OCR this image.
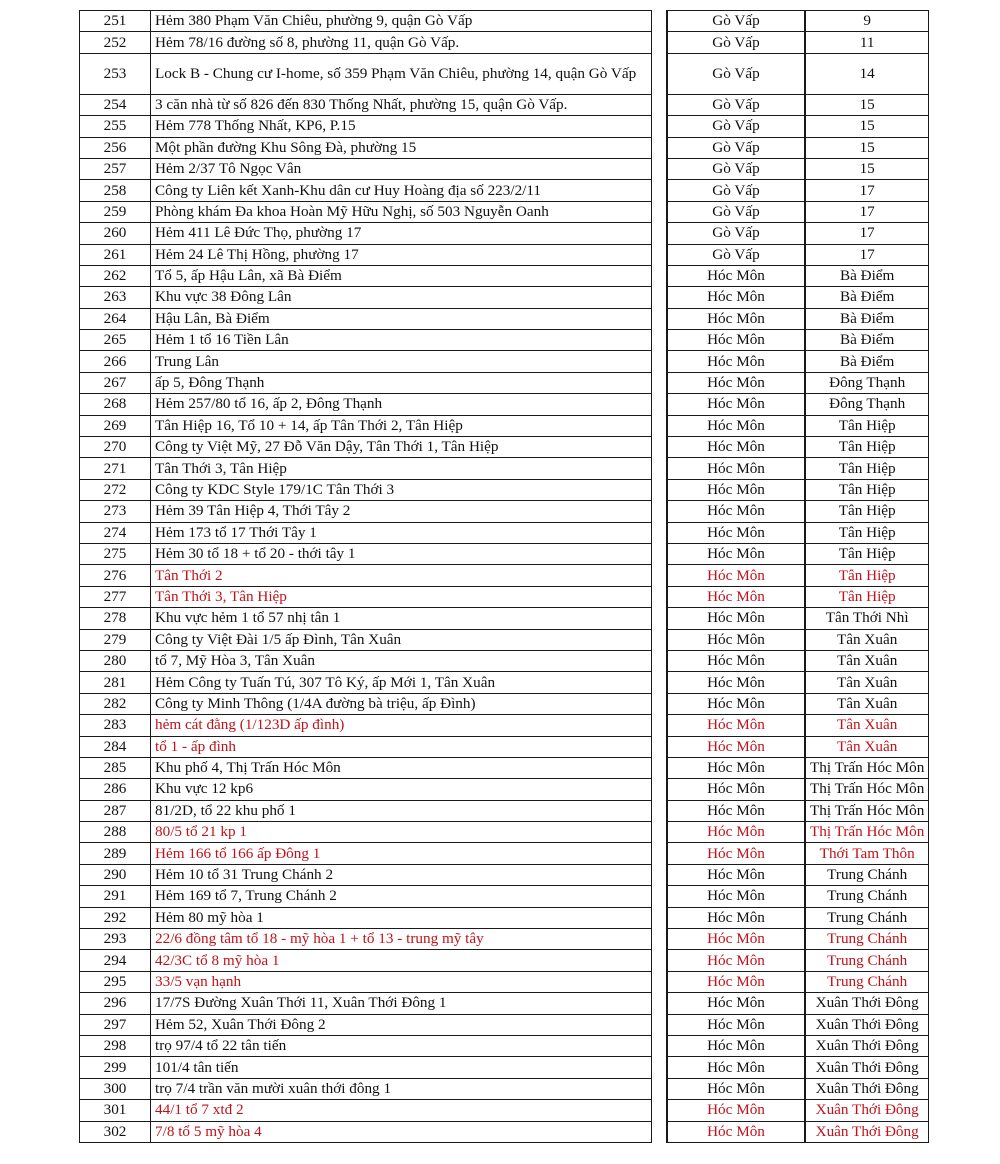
251	Hẻm 380 Phạm Văn Chiêu, phường 9, quận Gò Vấp		Gò Vấp	9
252	Hẻm 78/16 đường số 8, phường 11, quận Gò Vấp.		Gò Vấp	11
253	Lock B - Chung cư I-home, số 359 Phạm Văn Chiêu, phường 14, quận Gò Vấp		Gò Vấp	14
254	3 căn nhà từ số 826 đến 830 Thống Nhất, phường 15, quận Gò Vấp.		Gò Vấp	15
255	Hẻm 778 Thống Nhất, KP6, P.15		Gò Vấp	15
256	Một phần đường Khu Sông Đà, phường 15		Gò Vấp	15
257	Hẻm 2/37 Tô Ngọc Vân		Gò Vấp	15
258	Công ty Liên kết Xanh-Khu dân cư Huy Hoàng địa số 223/2/11		Gò Vấp	17
259	Phòng khám Đa khoa Hoàn Mỹ Hữu Nghị, số 503 Nguyễn Oanh		Gò Vấp	17
260	Hẻm 411 Lê Đức Thọ, phường 17		Gò Vấp	17
261	Hẻm 24 Lê Thị Hồng, phường 17		Gò Vấp	17
262	Tổ 5, ấp Hậu Lân, xã Bà Điểm		Hóc Môn	Bà Điểm
263	Khu vực 38 Đông Lân		Hóc Môn	Bà Điểm
264	Hậu Lân, Bà Điểm		Hóc Môn	Bà Điểm
265	Hẻm 1 tổ 16 Tiền Lân		Hóc Môn	Bà Điểm
266	Trung Lân		Hóc Môn	Bà Điểm
267	ấp 5, Đông Thạnh		Hóc Môn	Đông Thạnh
268	Hẻm 257/80 tổ 16, ấp 2, Đông Thạnh		Hóc Môn	Đông Thạnh
269	Tân Hiệp 16, Tổ 10 + 14, ấp Tân Thới 2, Tân Hiệp		Hóc Môn	Tân Hiệp
270	Công ty Việt Mỹ, 27 Đỗ Văn Dậy, Tân Thới 1, Tân Hiệp		Hóc Môn	Tân Hiệp
271	Tân Thới 3, Tân Hiệp		Hóc Môn	Tân Hiệp
272	Công ty KDC Style 179/1C Tân Thới 3		Hóc Môn	Tân Hiệp
273	Hẻm 39 Tân Hiệp 4, Thới Tây 2		Hóc Môn	Tân Hiệp
274	Hẻm 173 tổ 17 Thới Tây 1		Hóc Môn	Tân Hiệp
275	Hẻm 30 tổ 18 + tổ 20 - thới tây 1		Hóc Môn	Tân Hiệp
276	Tân Thới 2		Hóc Môn	Tân Hiệp
277	Tân Thới 3, Tân Hiệp		Hóc Môn	Tân Hiệp
278	Khu vực hẻm 1 tổ 57 nhị tân 1		Hóc Môn	Tân Thới Nhì
279	Công ty Việt Đài 1/5 ấp Đình, Tân Xuân		Hóc Môn	Tân Xuân
280	tổ 7, Mỹ Hòa 3, Tân Xuân		Hóc Môn	Tân Xuân
281	Hẻm Công ty Tuấn Tú, 307 Tô Ký, ấp Mới 1, Tân Xuân		Hóc Môn	Tân Xuân
282	Công ty Minh Thông (1/4A đường bà triệu, ấp Đình)		Hóc Môn	Tân Xuân
283	hẻm cát đằng (1/123D ấp đình)		Hóc Môn	Tân Xuân
284	tổ 1 - ấp đình		Hóc Môn	Tân Xuân
285	Khu phố 4, Thị Trấn Hóc Môn		Hóc Môn	Thị Trấn Hóc Môn
286	Khu vực 12 kp6		Hóc Môn	Thị Trấn Hóc Môn
287	81/2D, tổ 22 khu phố 1		Hóc Môn	Thị Trấn Hóc Môn
288	80/5 tổ 21 kp 1		Hóc Môn	Thị Trấn Hóc Môn
289	Hẻm 166 tổ 166 ấp Đông 1		Hóc Môn	Thới Tam Thôn
290	Hẻm 10 tổ 31 Trung Chánh 2		Hóc Môn	Trung Chánh
291	Hẻm 169 tổ 7, Trung Chánh 2		Hóc Môn	Trung Chánh
292	Hẻm 80 mỹ hòa 1		Hóc Môn	Trung Chánh
293	22/6 đồng tâm tổ 18 - mỹ hòa 1 + tổ 13 - trung mỹ tây		Hóc Môn	Trung Chánh
294	42/3C tổ 8 mỹ hòa 1		Hóc Môn	Trung Chánh
295	33/5 vạn hạnh		Hóc Môn	Trung Chánh
296	17/7S Đường Xuân Thới 11, Xuân Thới Đông 1		Hóc Môn	Xuân Thới Đông
297	Hẻm 52, Xuân Thới Đông 2		Hóc Môn	Xuân Thới Đông
298	trọ 97/4 tổ 22 tân tiến		Hóc Môn	Xuân Thới Đông
299	101/4 tân tiến		Hóc Môn	Xuân Thới Đông
300	trọ 7/4 trần văn mười xuân thới đông 1		Hóc Môn	Xuân Thới Đông
301	44/1 tổ 7 xtđ 2		Hóc Môn	Xuân Thới Đông
302	7/8 tổ 5 mỹ hòa 4		Hóc Môn	Xuân Thới Đông
